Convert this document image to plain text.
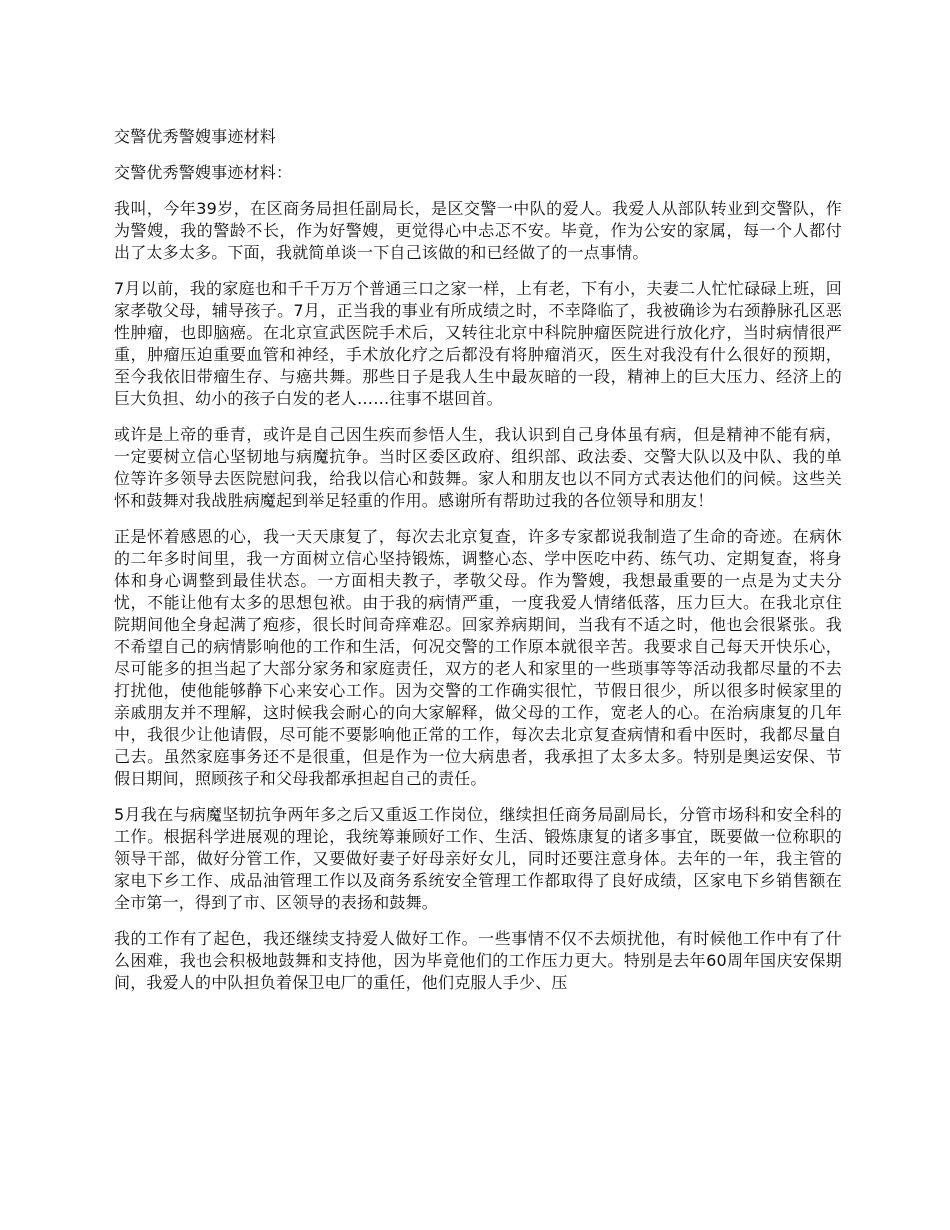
交警优秀警嫂事迹材料
交警优秀警嫂事迹材料：

我叫，今年39岁，在区商务局担任副局长，是区交警一中队的爱人。我爱人从部队转业到交警队，作为警嫂，我的警龄不长，作为好警嫂，更觉得心中忐忑不安。毕竟，作为公安的家属，每一个人都付出了太多太多。下面，我就简单谈一下自己该做的和已经做了的一点事情。

7月以前，我的家庭也和千千万万个普通三口之家一样，上有老，下有小，夫妻二人忙忙碌碌上班，回家孝敬父母，辅导孩子。7月，正当我的事业有所成绩之时，不幸降临了，我被确诊为右颈静脉孔区恶性肿瘤，也即脑癌。在北京宣武医院手术后，又转往北京中科院肿瘤医院进行放化疗，当时病情很严重，肿瘤压迫重要血管和神经，手术放化疗之后都没有将肿瘤消灭，医生对我没有什么很好的预期，至今我依旧带瘤生存、与癌共舞。那些日子是我人生中最灰暗的一段，精神上的巨大压力、经济上的巨大负担、幼小的孩子白发的老人……往事不堪回首。

或许是上帝的垂青，或许是自己因生疾而参悟人生，我认识到自己身体虽有病，但是精神不能有病，一定要树立信心坚韧地与病魔抗争。当时区委区政府、组织部、政法委、交警大队以及中队、我的单位等许多领导去医院慰问我，给我以信心和鼓舞。家人和朋友也以不同方式表达他们的问候。这些关怀和鼓舞对我战胜病魔起到举足轻重的作用。感谢所有帮助过我的各位领导和朋友！

正是怀着感恩的心，我一天天康复了，每次去北京复查，许多专家都说我制造了生命的奇迹。在病休的二年多时间里，我一方面树立信心坚持锻炼，调整心态、学中医吃中药、练气功、定期复查，将身体和身心调整到最佳状态。一方面相夫教子，孝敬父母。作为警嫂，我想最重要的一点是为丈夫分忧，不能让他有太多的思想包袱。由于我的病情严重，一度我爱人情绪低落，压力巨大。在我北京住院期间他全身起满了疱疹，很长时间奇痒难忍。回家养病期间，当我有不适之时，他也会很紧张。我不希望自己的病情影响他的工作和生活，何况交警的工作原本就很辛苦。我要求自己每天开快乐心，尽可能多的担当起了大部分家务和家庭责任，双方的老人和家里的一些琐事等等活动我都尽量的不去打扰他，使他能够静下心来安心工作。因为交警的工作确实很忙，节假日很少，所以很多时候家里的亲戚朋友并不理解，这时候我会耐心的向大家解释，做父母的工作，宽老人的心。在治病康复的几年中，我很少让他请假，尽可能不要影响他正常的工作，每次去北京复查病情和看中医时，我都尽量自己去。虽然家庭事务还不是很重，但是作为一位大病患者，我承担了太多太多。特别是奥运安保、节假日期间，照顾孩子和父母我都承担起自己的责任。

5月我在与病魔坚韧抗争两年多之后又重返工作岗位，继续担任商务局副局长，分管市场科和安全科的工作。根据科学进展观的理论，我统筹兼顾好工作、生活、锻炼康复的诸多事宜，既要做一位称职的领导干部，做好分管工作，又要做好妻子好母亲好女儿，同时还要注意身体。去年的一年，我主管的家电下乡工作、成品油管理工作以及商务系统安全管理工作都取得了良好成绩，区家电下乡销售额在全市第一，得到了市、区领导的表扬和鼓舞。

我的工作有了起色，我还继续支持爱人做好工作。一些事情不仅不去烦扰他，有时候他工作中有了什么困难，我也会积极地鼓舞和支持他，因为毕竟他们的工作压力更大。特别是去年60周年国庆安保期间，我爱人的中队担负着保卫电厂的重任，他们克服人手少、压
